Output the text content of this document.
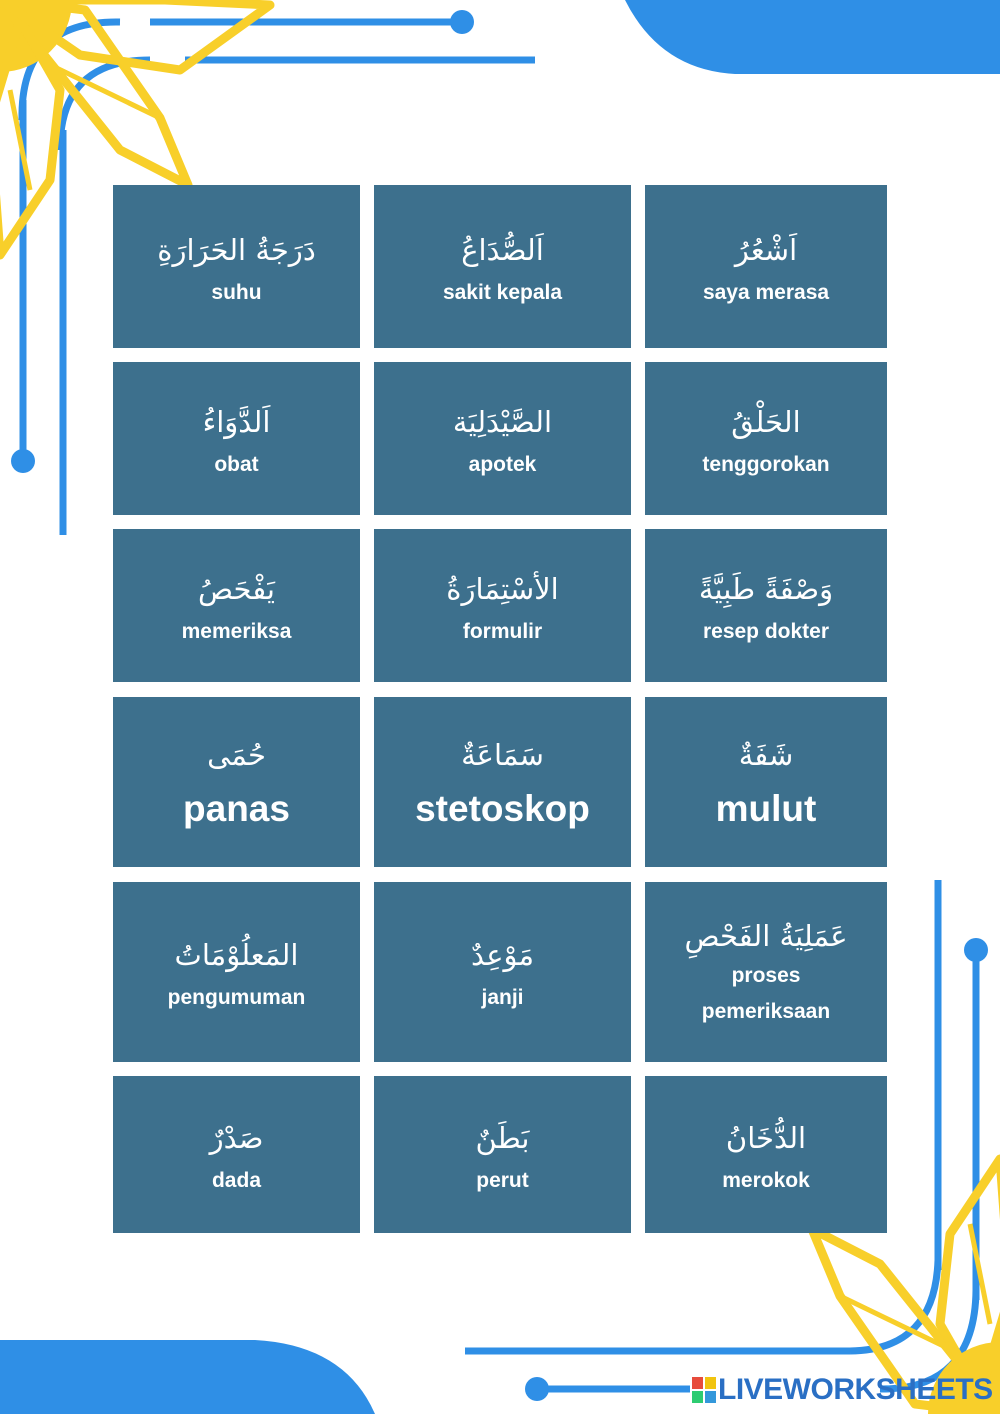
دَرَجَةُ الحَرَارَةِ
suhu
اَلصُّدَاعُ
sakit kepala
اَشْعُرُ
saya merasa
اَلدَّوَاءُ
obat
الصَّيْدَلِيَة
apotek
الحَلْقُ
tenggorokan
يَفْحَصُ
memeriksa
الأسْتِمَارَةُ
formulir
وَصْفَةً طَبِيَّةً
resep dokter
حُمَى
panas
سَمَاعَةٌ
stetoskop
شَفَةٌ
mulut
المَعلُوْمَاتُ
pengumuman
مَوْعِدٌ
janji
عَمَلِيَةُ الفَحْصِ
proses
pemeriksaan
صَدْرٌ
dada
بَطَنٌ
perut
الدُّخَانُ
merokok
LIVEWORKSHEETS
